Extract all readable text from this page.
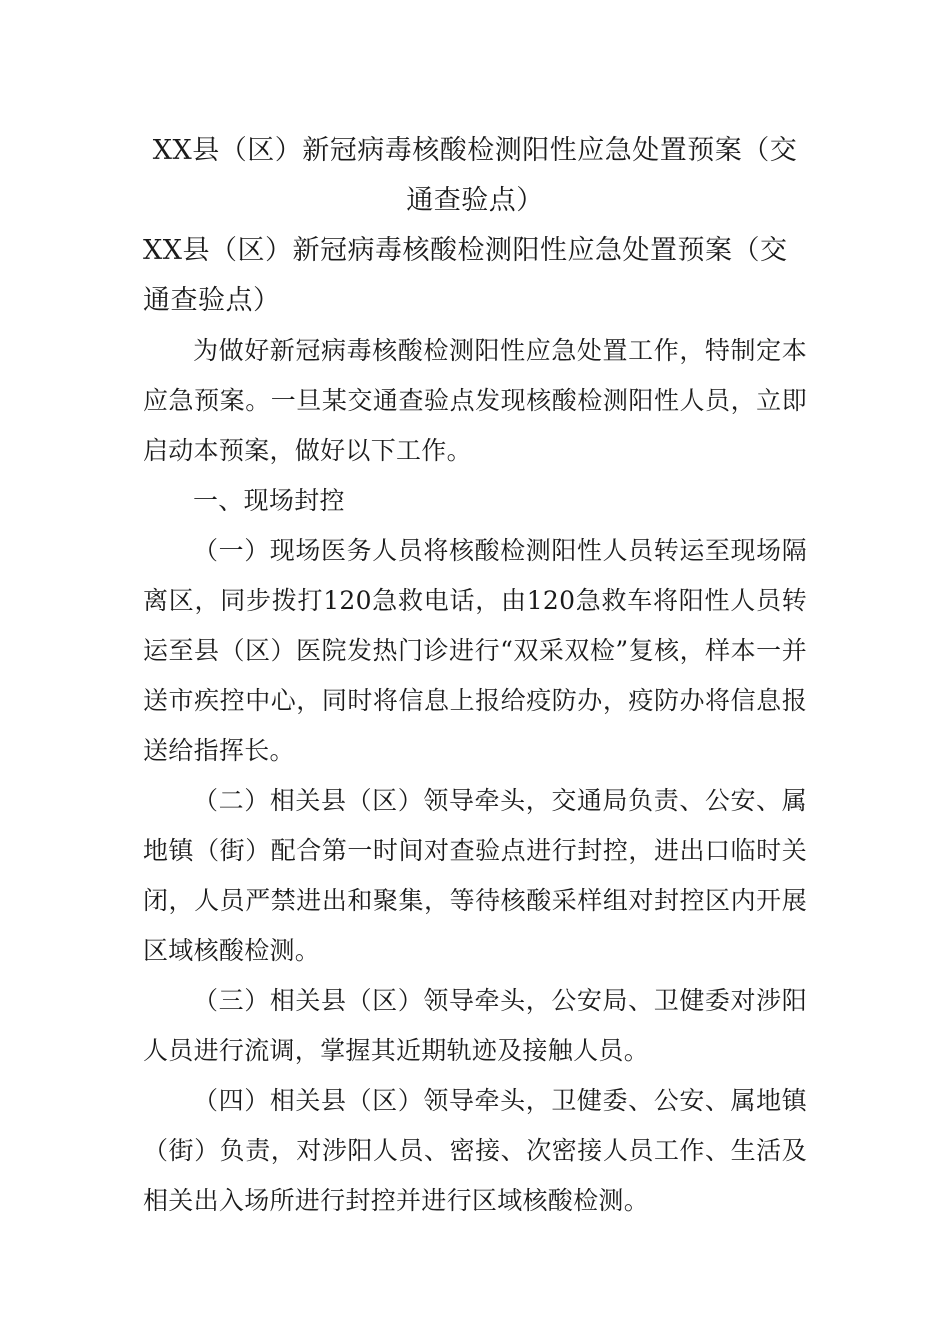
XX县（区）新冠病毒核酸检测阳性应急处置预案（交通查验点）

XX县（区）新冠病毒核酸检测阳性应急处置预案（交通查验点）

为做好新冠病毒核酸检测阳性应急处置工作，特制定本应急预案。一旦某交通查验点发现核酸检测阳性人员，立即启动本预案，做好以下工作。

一、现场封控

（一）现场医务人员将核酸检测阳性人员转运至现场隔离区，同步拨打120急救电话，由120急救车将阳性人员转运至县（区）医院发热门诊进行“双采双检”复核，样本一并送市疾控中心，同时将信息上报给疫防办，疫防办将信息报送给指挥长。

（二）相关县（区）领导牵头，交通局负责、公安、属地镇（街）配合第一时间对查验点进行封控，进出口临时关闭，人员严禁进出和聚集，等待核酸采样组对封控区内开展区域核酸检测。

（三）相关县（区）领导牵头，公安局、卫健委对涉阳人员进行流调，掌握其近期轨迹及接触人员。

（四）相关县（区）领导牵头，卫健委、公安、属地镇（街）负责，对涉阳人员、密接、次密接人员工作、生活及相关出入场所进行封控并进行区域核酸检测。
